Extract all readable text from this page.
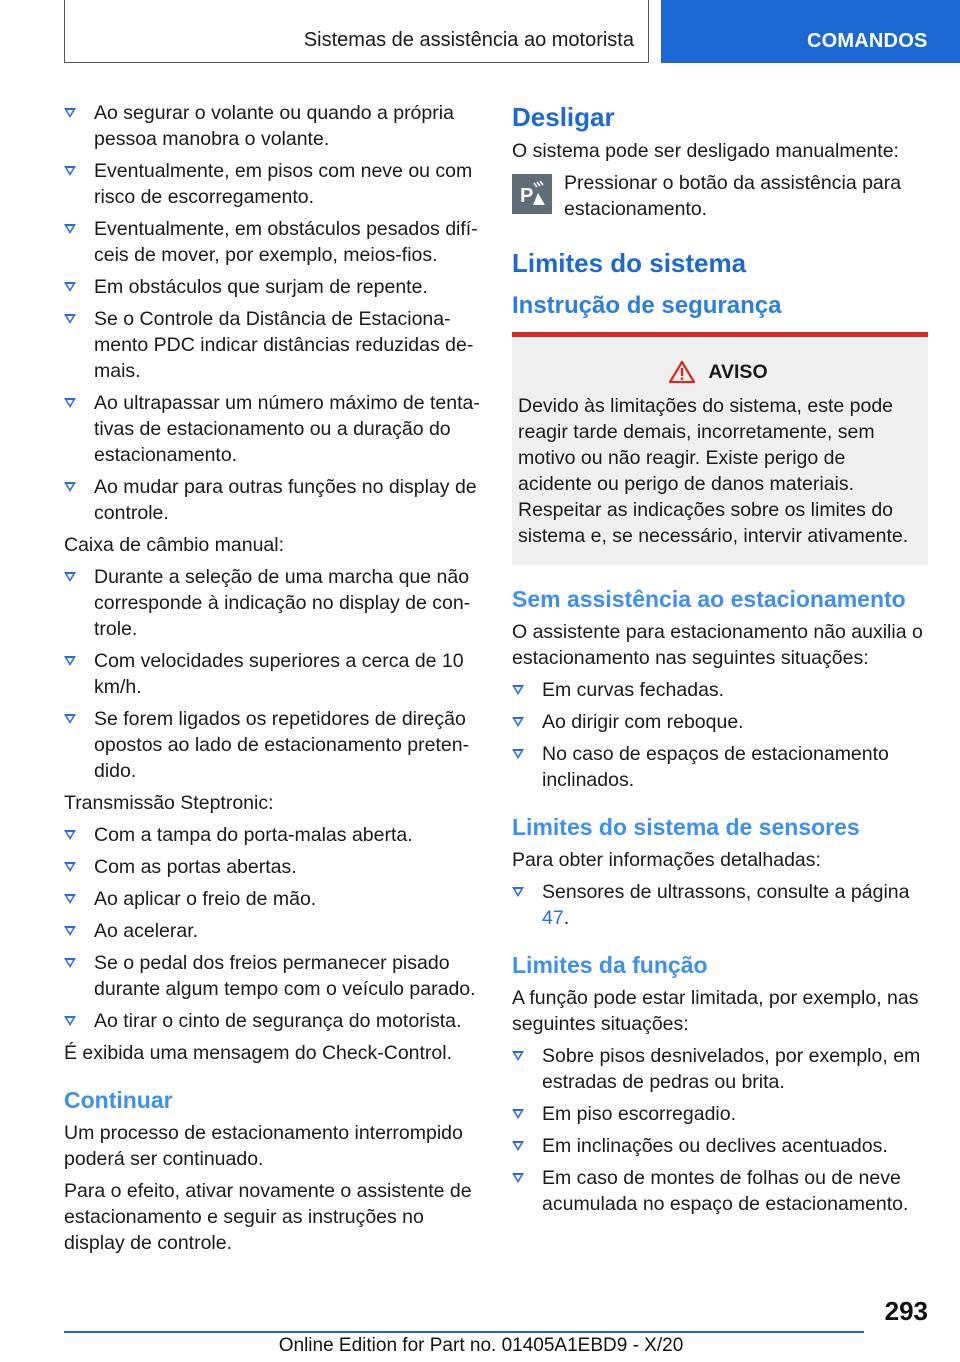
Sistemas de assistência ao motorista	COMANDOS
Ao segurar o volante ou quando a própria pessoa manobra o volante.
Eventualmente, em pisos com neve ou com risco de escorregamento.
Eventualmente, em obstáculos pesados difíceis de mover, por exemplo, meios-fios.
Em obstáculos que surjam de repente.
Se o Controle da Distância de Estacionamento PDC indicar distâncias reduzidas demais.
Ao ultrapassar um número máximo de tentativas de estacionamento ou a duração do estacionamento.
Ao mudar para outras funções no display de controle.

Caixa de câmbio manual:

Durante a seleção de uma marcha que não corresponde à indicação no display de controle.
Com velocidades superiores a cerca de 10 km/h.
Se forem ligados os repetidores de direção opostos ao lado de estacionamento pretendido.

Transmissão Steptronic:

Com a tampa do porta-malas aberta.
Com as portas abertas.
Ao aplicar o freio de mão.
Ao acelerar.
Se o pedal dos freios permanecer pisado durante algum tempo com o veículo parado.
Ao tirar o cinto de segurança do motorista.

É exibida uma mensagem do Check-Control.

Continuar

Um processo de estacionamento interrompido poderá ser continuado.

Para o efeito, ativar novamente o assistente de estacionamento e seguir as instruções no display de controle.

Desligar

O sistema pode ser desligado manualmente:

P
Pressionar o botão da assistência para estacionamento.
Limites do sistema
Instrução de segurança
AVISO
Devido às limitações do sistema, este pode reagir tarde demais, incorretamente, sem motivo ou não reagir. Existe perigo de acidente ou perigo de danos materiais. Respeitar as indicações sobre os limites do sistema e, se necessário, intervir ativamente.
Sem assistência ao estacionamento

O assistente para estacionamento não auxilia o estacionamento nas seguintes situações:

Em curvas fechadas.
Ao dirigir com reboque.
No caso de espaços de estacionamento inclinados.
Limites do sistema de sensores

Para obter informações detalhadas:

Sensores de ultrassons, consulte a página
47.
Limites da função

A função pode estar limitada, por exemplo, nas seguintes situações:

Sobre pisos desnivelados, por exemplo, em estradas de pedras ou brita.
Em piso escorregadio.
Em inclinações ou declives acentuados.
Em caso de montes de folhas ou de neve acumulada no espaço de estacionamento.
293
Online Edition for Part no. 01405A1EBD9 - X/20
